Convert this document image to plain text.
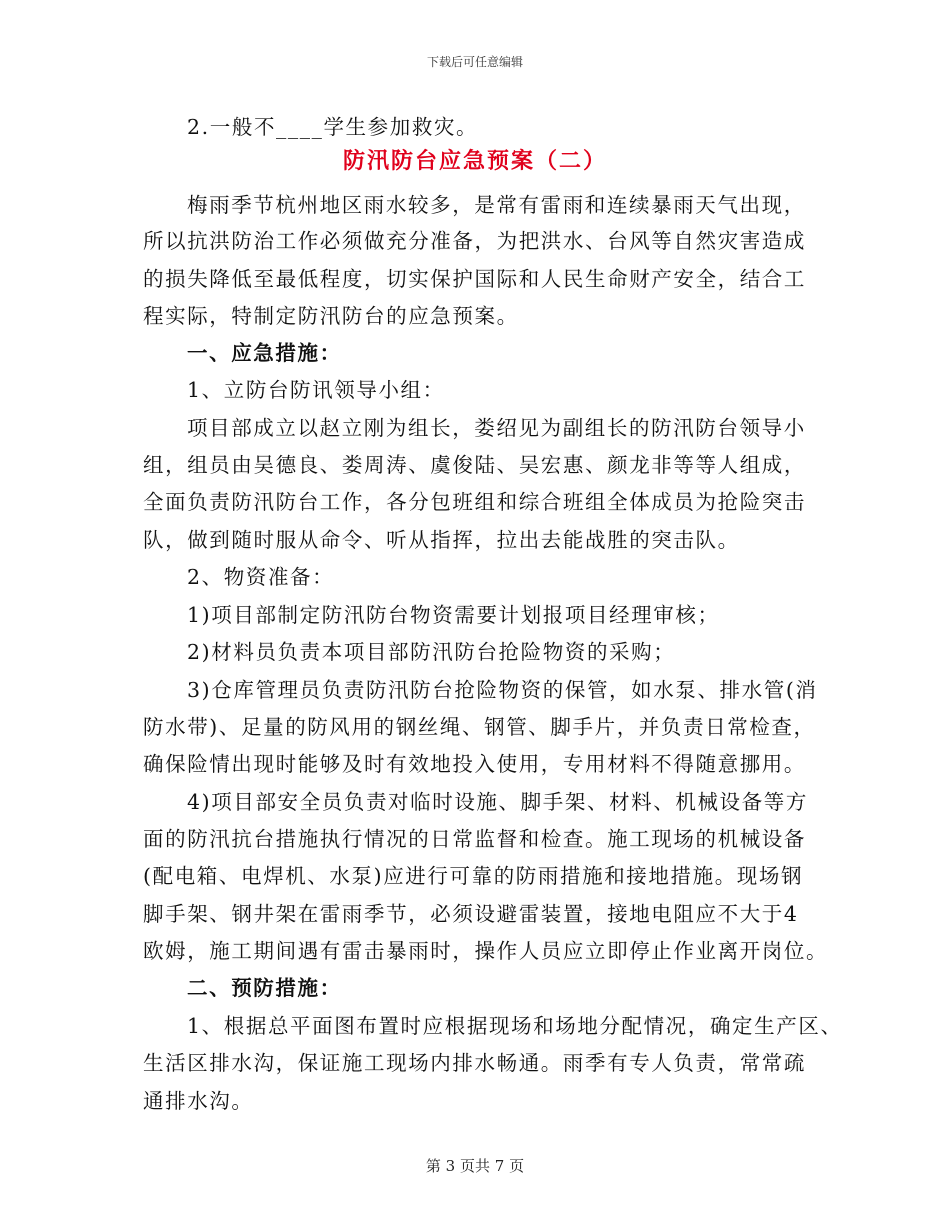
下载后可任意编辑
2.一般不____学生参加救灾。
防汛防台应急预案（二）
梅雨季节杭州地区雨水较多，是常有雷雨和连续暴雨天气出现，
所以抗洪防治工作必须做充分准备，为把洪水、台风等自然灾害造成
的损失降低至最低程度，切实保护国际和人民生命财产安全，结合工
程实际，特制定防汛防台的应急预案。
一、应急措施：
1、立防台防讯领导小组：
项目部成立以赵立刚为组长，娄绍见为副组长的防汛防台领导小
组，组员由吴德良、娄周涛、虞俊陆、吴宏惠、颜龙非等等人组成，
全面负责防汛防台工作，各分包班组和综合班组全体成员为抢险突击
队，做到随时服从命令、听从指挥，拉出去能战胜的突击队。
2、物资准备：
1)项目部制定防汛防台物资需要计划报项目经理审核；
2)材料员负责本项目部防汛防台抢险物资的采购；
3)仓库管理员负责防汛防台抢险物资的保管，如水泵、排水管(消
防水带)、足量的防风用的钢丝绳、钢管、脚手片，并负责日常检查，
确保险情出现时能够及时有效地投入使用，专用材料不得随意挪用。
4)项目部安全员负责对临时设施、脚手架、材料、机械设备等方
面的防汛抗台措施执行情况的日常监督和检查。施工现场的机械设备
(配电箱、电焊机、水泵)应进行可靠的防雨措施和接地措施。现场钢
脚手架、钢井架在雷雨季节，必须设避雷装置，接地电阻应不大于4
欧姆，施工期间遇有雷击暴雨时，操作人员应立即停止作业离开岗位。
二、预防措施：
1、根据总平面图布置时应根据现场和场地分配情况，确定生产区、
生活区排水沟，保证施工现场内排水畅通。雨季有专人负责，常常疏
通排水沟。
第 3 页共 7 页
